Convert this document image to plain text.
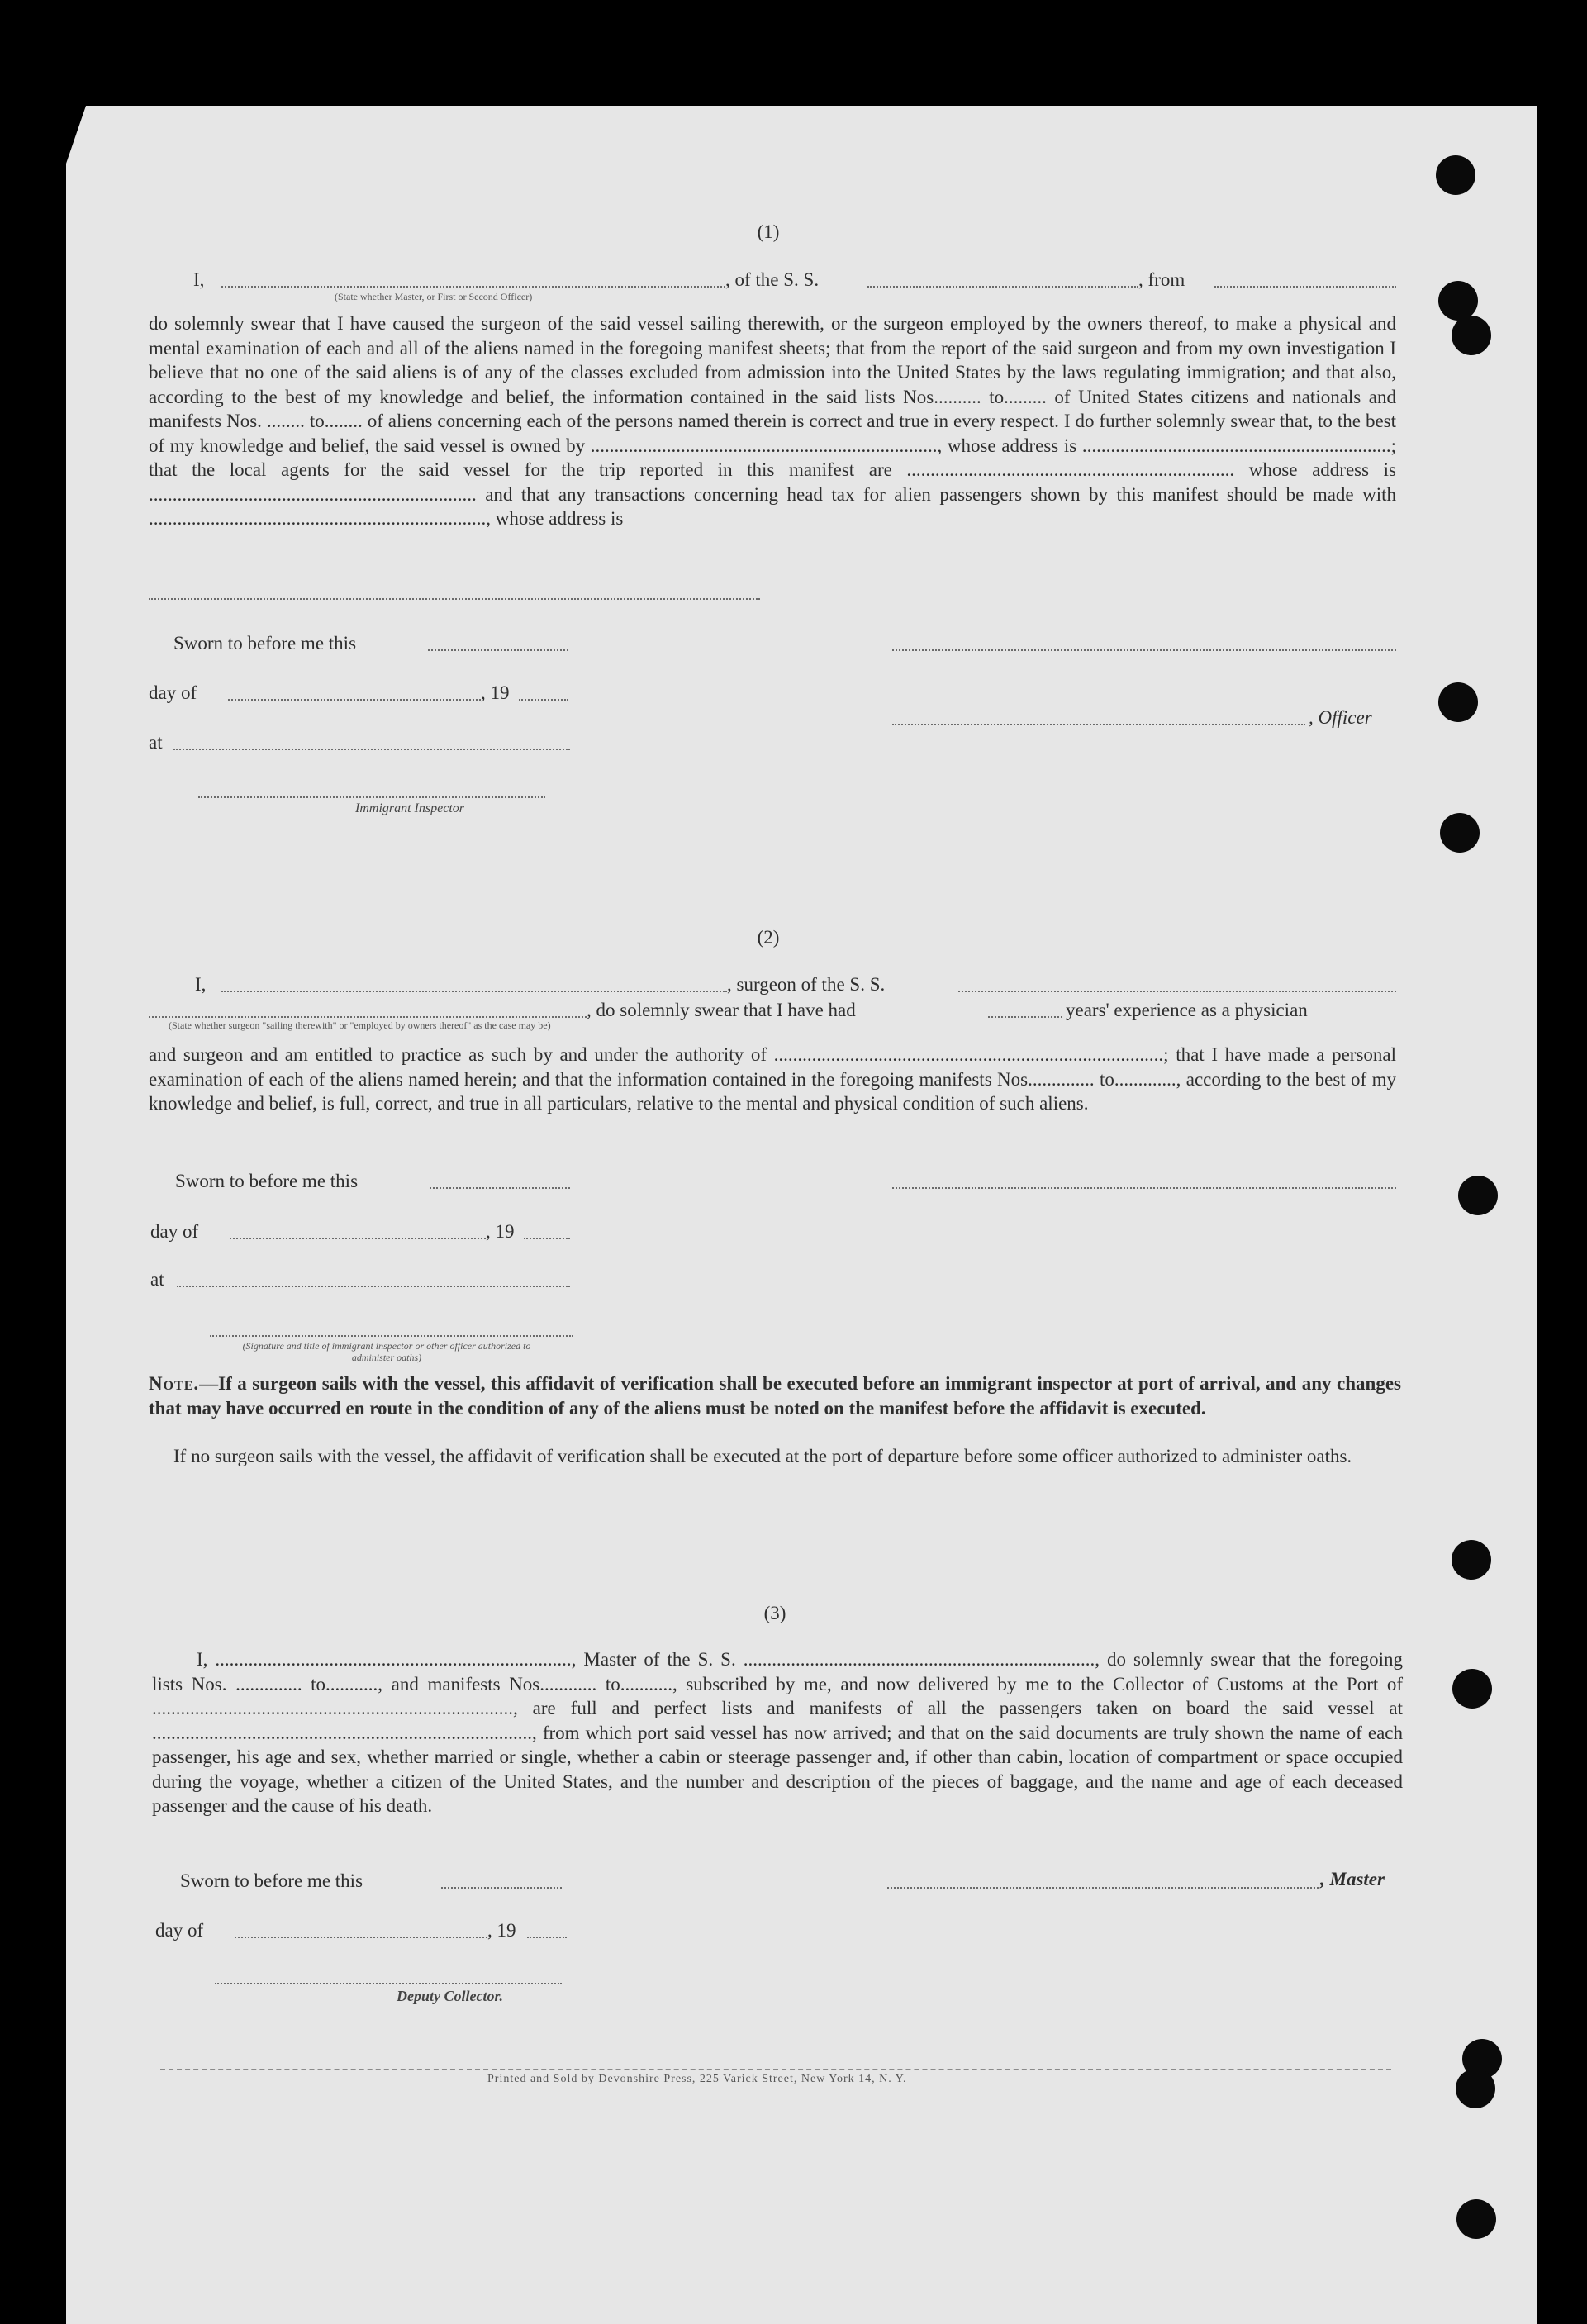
(1)
I,	, of the S. S.	, from
(State whether Master, or First or Second Officer)
do solemnly swear that I have caused the surgeon of the said vessel sailing therewith, or the surgeon employed by the owners thereof, to make a physical and mental examination of each and all of the aliens named in the foregoing manifest sheets; that from the report of the said surgeon and from my own investigation I believe that no one of the said aliens is of any of the classes excluded from admission into the United States by the laws regulating immigration; and that also, according to the best of my knowledge and belief, the information contained in the said lists Nos.......... to......... of United States citizens and nationals and manifests Nos. ........ to........ of aliens concerning each of the persons named therein is correct and true in every respect. I do further solemnly swear that, to the best of my knowledge and belief, the said vessel is owned by ........................................................................., whose address is .................................................................; that the local agents for the said vessel for the trip reported in this manifest are ..................................................................... whose address is ..................................................................... and that any transactions concerning head tax for alien passengers shown by this manifest should be made with ......................................................................., whose address is
Sworn to before me this
day of	, 19
at
, Officer
Immigrant Inspector
(2)
I,	, surgeon of the S. S.
, do solemnly swear that I have had	years' experience as a physician
(State whether surgeon "sailing therewith" or "employed by owners thereof" as the case may be)
and surgeon and am entitled to practice as such by and under the authority of ..................................................................................; that I have made a personal examination of each of the aliens named herein; and that the information contained in the foregoing manifests Nos.............. to............., according to the best of my knowledge and belief, is full, correct, and true in all particulars, relative to the mental and physical condition of such aliens.
Sworn to before me this
day of	, 19
at
(Signature and title of immigrant inspector or other officer authorized to administer oaths)
Note.—If a surgeon sails with the vessel, this affidavit of verification shall be executed before an immigrant inspector at port of arrival, and any changes that may have occurred en route in the condition of any of the aliens must be noted on the manifest before the affidavit is executed.
If no surgeon sails with the vessel, the affidavit of verification shall be executed at the port of departure before some officer authorized to administer oaths.
(3)
I, ..........................................................................., Master of the S. S. .........................................................................., do solemnly swear that the foregoing lists Nos. .............. to..........., and manifests Nos............ to..........., subscribed by me, and now delivered by me to the Collector of Customs at the Port of ............................................................................, are full and perfect lists and manifests of all the passengers taken on board the said vessel at ................................................................................, from which port said vessel has now arrived; and that on the said documents are truly shown the name of each passenger, his age and sex, whether married or single, whether a cabin or steerage passenger and, if other than cabin, location of compartment or space occupied during the voyage, whether a citizen of the United States, and the number and description of the pieces of baggage, and the name and age of each deceased passenger and the cause of his death.
Sworn to before me this	, Master
day of	, 19
Deputy Collector.
Printed and Sold by Devonshire Press, 225 Varick Street, New York 14, N. Y.
